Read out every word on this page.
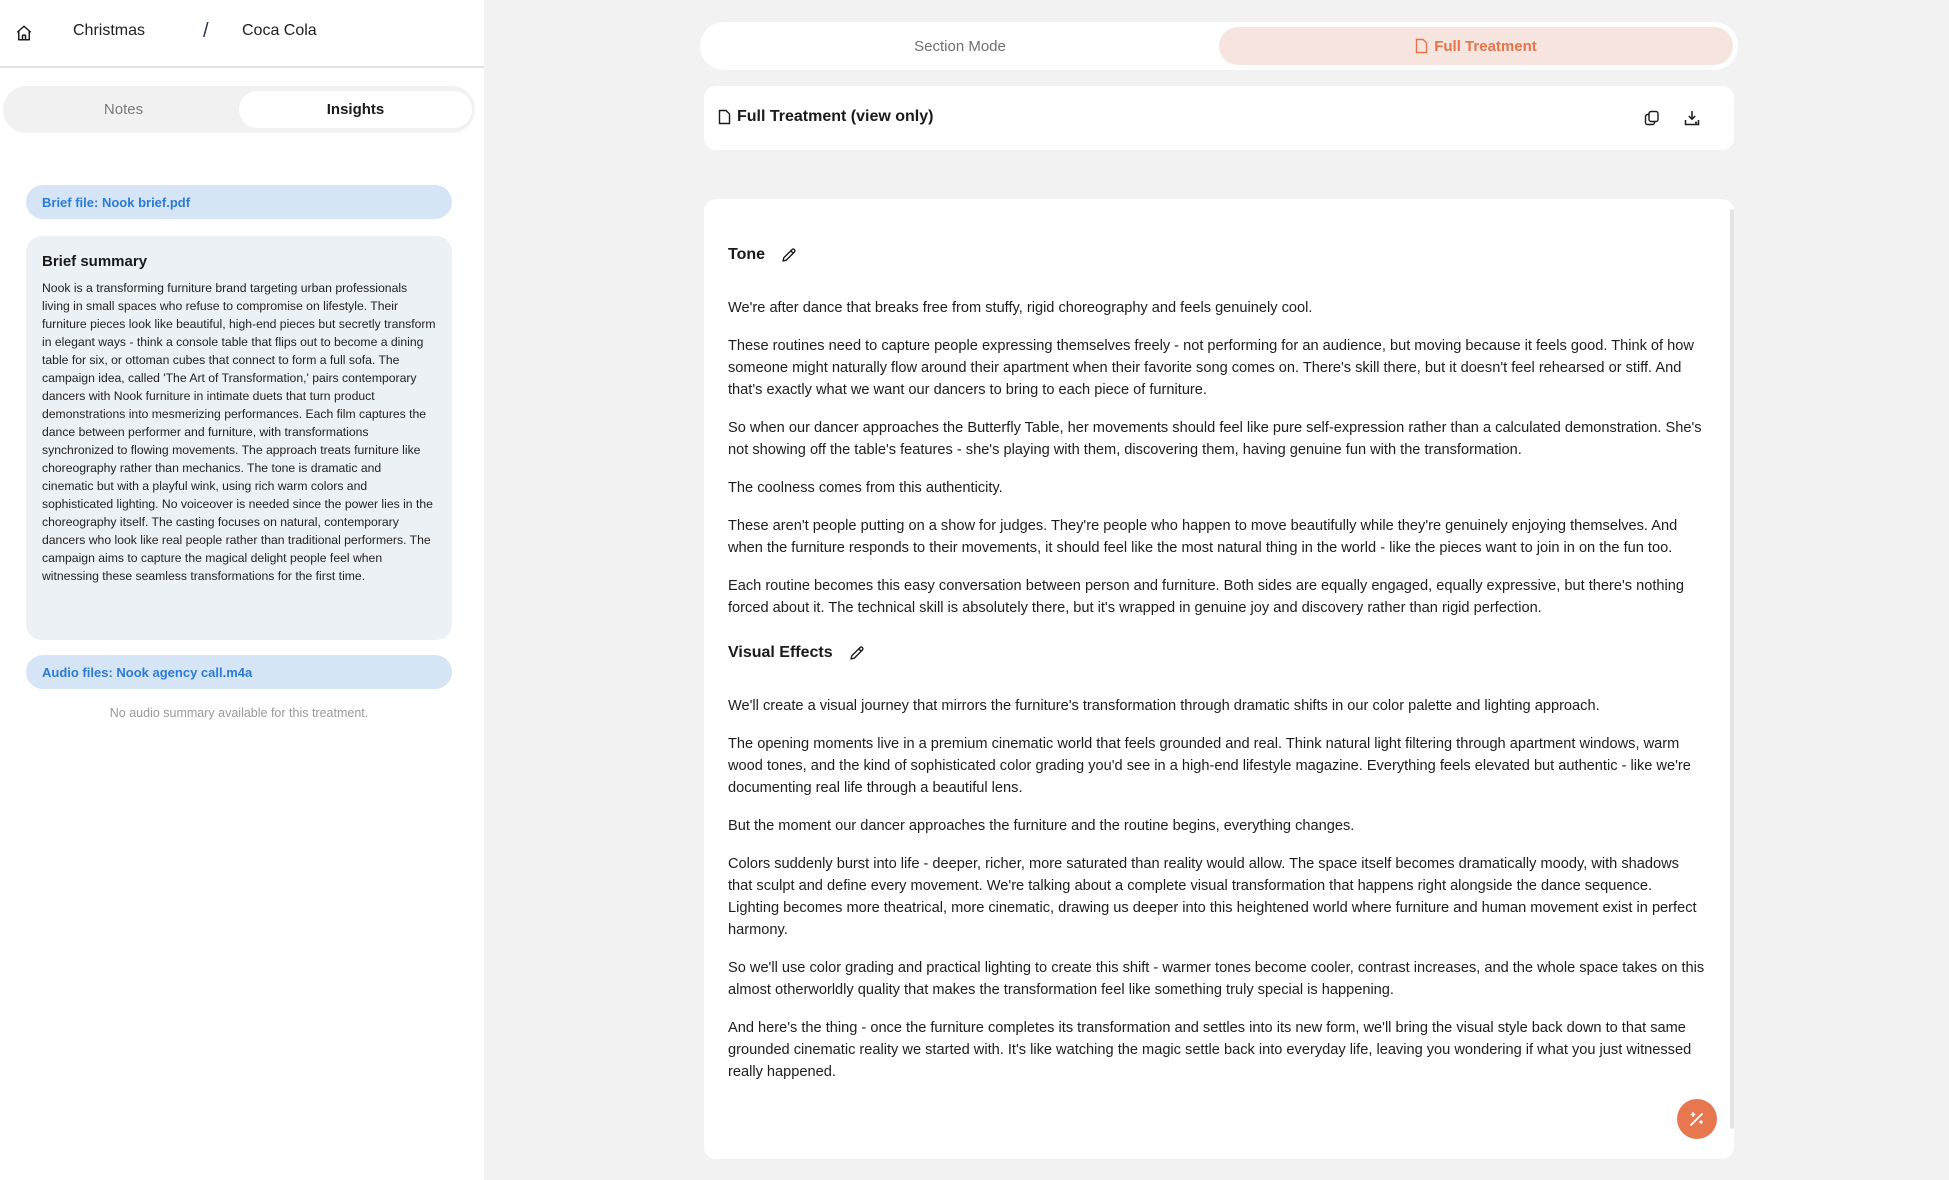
Christmas	/ Coca Cola
Notes	Insights
Brief file: Nook brief.pdf
Brief summary
Nook is a transforming furniture brand targeting urban professionals living in small spaces who refuse to compromise on lifestyle. Their furniture pieces look like beautiful, high-end pieces but secretly transform in elegant ways - think a console table that flips out to become a dining table for six, or ottoman cubes that connect to form a full sofa. The campaign idea, called 'The Art of Transformation,' pairs contemporary dancers with Nook furniture in intimate duets that turn product demonstrations into mesmerizing performances. Each film captures the dance between performer and furniture, with transformations synchronized to flowing movements. The approach treats furniture like choreography rather than mechanics. The tone is dramatic and cinematic but with a playful wink, using rich warm colors and sophisticated lighting. No voiceover is needed since the power lies in the choreography itself. The casting focuses on natural, contemporary dancers who look like real people rather than traditional performers. The campaign aims to capture the magical delight people feel when witnessing these seamless transformations for the first time.
Audio files: Nook agency call.m4a
No audio summary available for this treatment.
Section Mode	Full Treatment
Full Treatment (view only)
Tone

We're after dance that breaks free from stuffy, rigid choreography and feels genuinely cool.

These routines need to capture people expressing themselves freely - not performing for an audience, but moving because it feels good. Think of how someone might naturally flow around their apartment when their favorite song comes on. There's skill there, but it doesn't feel rehearsed or stiff. And that's exactly what we want our dancers to bring to each piece of furniture.

So when our dancer approaches the Butterfly Table, her movements should feel like pure self-expression rather than a calculated demonstration. She's not showing off the table's features - she's playing with them, discovering them, having genuine fun with the transformation.

The coolness comes from this authenticity.

These aren't people putting on a show for judges. They're people who happen to move beautifully while they're genuinely enjoying themselves. And when the furniture responds to their movements, it should feel like the most natural thing in the world - like the pieces want to join in on the fun too.

Each routine becomes this easy conversation between person and furniture. Both sides are equally engaged, equally expressive, but there's nothing forced about it. The technical skill is absolutely there, but it's wrapped in genuine joy and discovery rather than rigid perfection.

Visual Effects

We'll create a visual journey that mirrors the furniture's transformation through dramatic shifts in our color palette and lighting approach.

The opening moments live in a premium cinematic world that feels grounded and real. Think natural light filtering through apartment windows, warm wood tones, and the kind of sophisticated color grading you'd see in a high-end lifestyle magazine. Everything feels elevated but authentic - like we're documenting real life through a beautiful lens.

But the moment our dancer approaches the furniture and the routine begins, everything changes.

Colors suddenly burst into life - deeper, richer, more saturated than reality would allow. The space itself becomes dramatically moody, with shadows that sculpt and define every movement. We're talking about a complete visual transformation that happens right alongside the dance sequence. Lighting becomes more theatrical, more cinematic, drawing us deeper into this heightened world where furniture and human movement exist in perfect harmony.

So we'll use color grading and practical lighting to create this shift - warmer tones become cooler, contrast increases, and the whole space takes on this almost otherworldly quality that makes the transformation feel like something truly special is happening.

And here's the thing - once the furniture completes its transformation and settles into its new form, we'll bring the visual style back down to that same grounded cinematic reality we started with. It's like watching the magic settle back into everyday life, leaving you wondering if what you just witnessed really happened.
